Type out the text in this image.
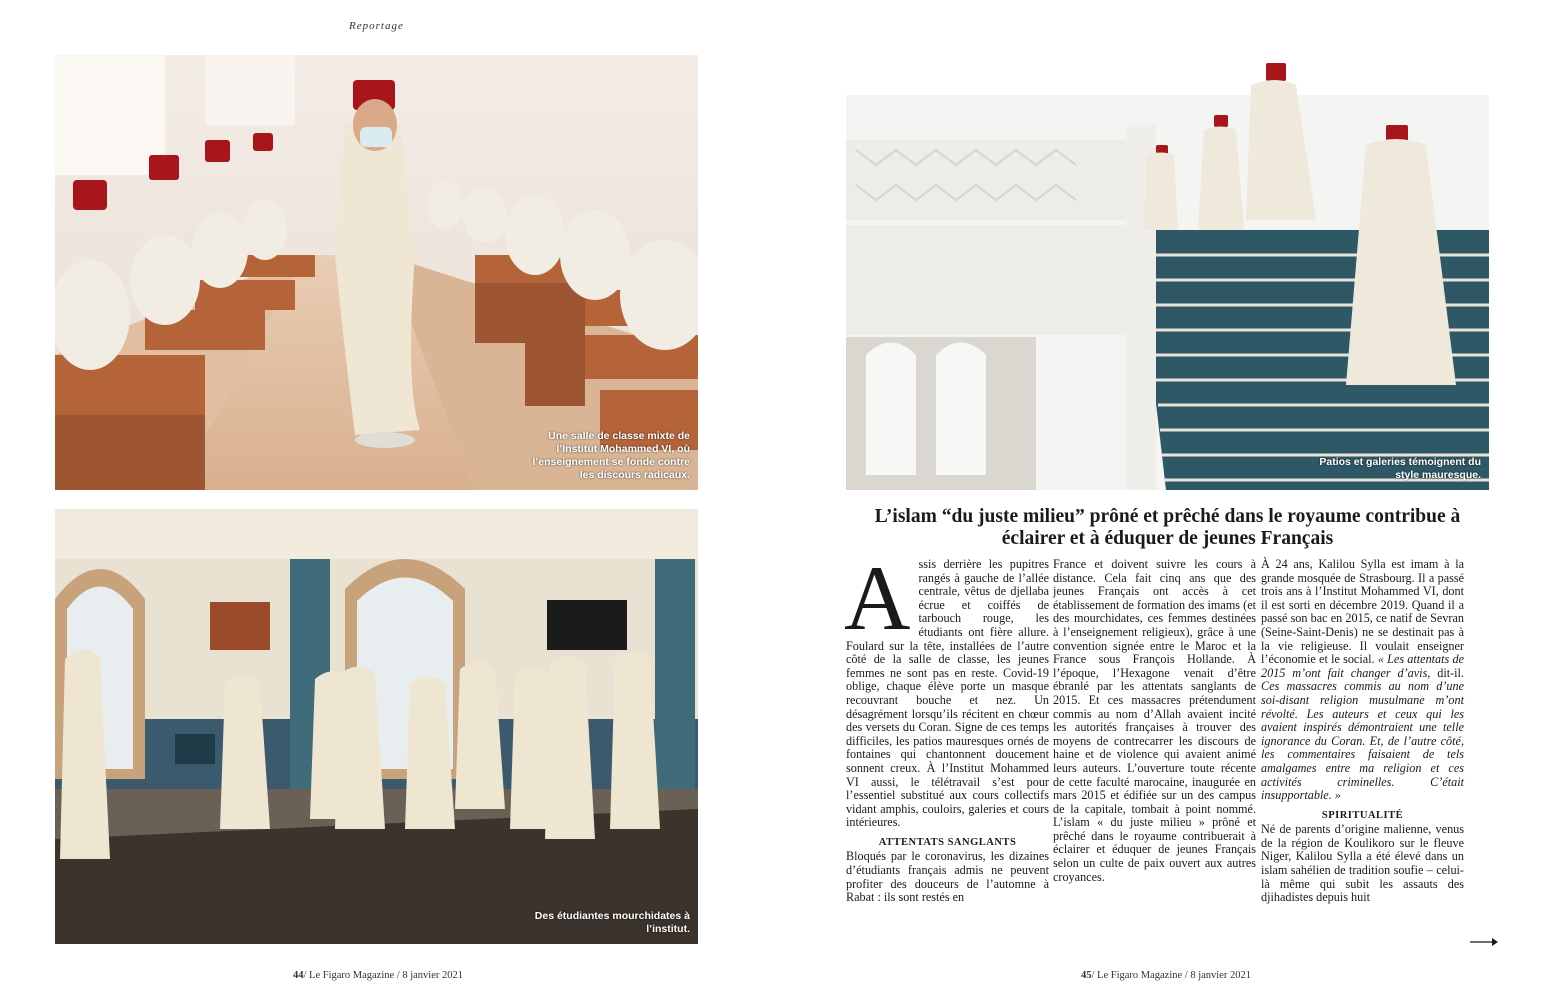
Reportage
Une salle de classe mixte de l’Institut Mohammed VI, où l’enseignement se fonde contre les discours radicaux.
Des étudiantes mourchidates à l’institut.
Patios et galeries témoignent du style mauresque.
L’islam “du juste milieu” prôné et prêché dans le royaume contribue à éclairer et à éduquer de jeunes Français
A ssis derrière les pupitres rangés à gauche de l’allée centrale, vêtus de djellaba écrue et coiffés de tarbouch rouge, les étudiants ont fière allure. Foulard sur la tête, installées de l’autre côté de la salle de classe, les jeunes femmes ne sont pas en reste. Covid-19 oblige, chaque élève porte un masque recouvrant bouche et nez. Un désagrément lorsqu’ils récitent en chœur des versets du Coran. Signe de ces temps difficiles, les patios mauresques ornés de fontaines qui chantonnent doucement sonnent creux. À l’Institut Mohammed VI aussi, le télétravail s’est pour l’essentiel substitué aux cours collectifs vidant amphis, couloirs, galeries et cours intérieures.

ATTENTATS SANGLANTS

Bloqués par le coronavirus, les dizaines d’étudiants français admis ne peuvent profiter des douceurs de l’automne à Rabat : ils sont restés en

France et doivent suivre les cours à distance. Cela fait cinq ans que des jeunes Français ont accès à cet établissement de formation des imams (et des mourchidates, ces femmes destinées à l’enseignement religieux), grâce à une convention signée entre le Maroc et la France sous François Hollande. À l’époque, l’Hexagone venait d’être ébranlé par les attentats sanglants de 2015. Et ces massacres prétendument commis au nom d’Allah avaient incité les autorités françaises à trouver des moyens de contrecarrer les discours de haine et de violence qui avaient animé leurs auteurs. L’ouverture toute récente de cette faculté marocaine, inaugurée en mars 2015 et édifiée sur un des campus de la capitale, tombait à point nommé. L’islam « du juste milieu » prôné et prêché dans le royaume contribuerait à éclairer et éduquer de jeunes Français selon un culte de paix ouvert aux autres croyances.

À 24 ans, Kalilou Sylla est imam à la grande mosquée de Strasbourg. Il a passé trois ans à l’Institut Mohammed VI, dont il est sorti en décembre 2019. Quand il a passé son bac en 2015, ce natif de Sevran (Seine-Saint-Denis) ne se destinait pas à la vie religieuse. Il voulait enseigner l’économie et le social. « Les attentats de 2015 m’ont fait changer d’avis, dit-il. Ces massacres commis au nom d’une soi-disant religion musulmane m’ont révolté. Les auteurs et ceux qui les avaient inspirés démontraient une telle ignorance du Coran. Et, de l’autre côté, les commentaires faisaient de tels amalgames entre ma religion et ces activités criminelles. C’était insupportable. »

SPIRITUALITÉ

Né de parents d’origine malienne, venus de la région de Koulikoro sur le fleuve Niger, Kalilou Sylla a été élevé dans un islam sahélien de tradition soufie – celui-là même qui subit les assauts des djihadistes depuis huit

44/ Le Figaro Magazine / 8 janvier 2021	45/ Le Figaro Magazine / 8 janvier 2021
